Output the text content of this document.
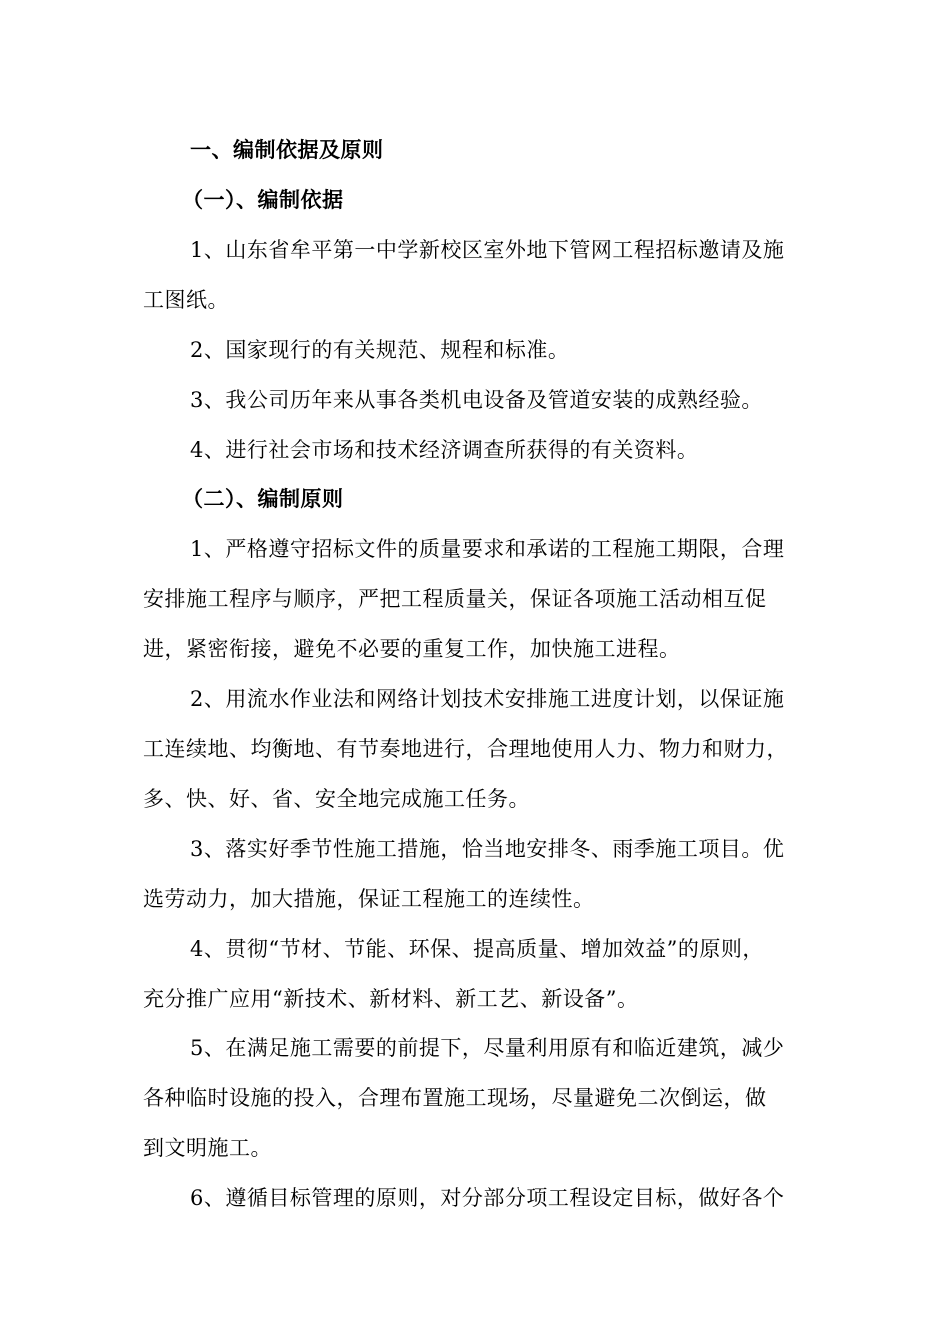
一、编制依据及原则
（一）、编制依据
1、山东省牟平第一中学新校区室外地下管网工程招标邀请及施
工图纸。
2、国家现行的有关规范、规程和标准。
3、我公司历年来从事各类机电设备及管道安装的成熟经验。
4、进行社会市场和技术经济调查所获得的有关资料。
（二）、编制原则
1、严格遵守招标文件的质量要求和承诺的工程施工期限，合理
安排施工程序与顺序，严把工程质量关，保证各项施工活动相互促
进，紧密衔接，避免不必要的重复工作，加快施工进程。
2、用流水作业法和网络计划技术安排施工进度计划，以保证施
工连续地、均衡地、有节奏地进行，合理地使用人力、物力和财力，
多、快、好、省、安全地完成施工任务。
3、落实好季节性施工措施，恰当地安排冬、雨季施工项目。优
选劳动力，加大措施，保证工程施工的连续性。
4、贯彻“节材、节能、环保、提高质量、增加效益”的原则，
充分推广应用“新技术、新材料、新工艺、新设备”。
5、在满足施工需要的前提下，尽量利用原有和临近建筑，减少
各种临时设施的投入，合理布置施工现场，尽量避免二次倒运，做
到文明施工。
6、遵循目标管理的原则，对分部分项工程设定目标，做好各个
